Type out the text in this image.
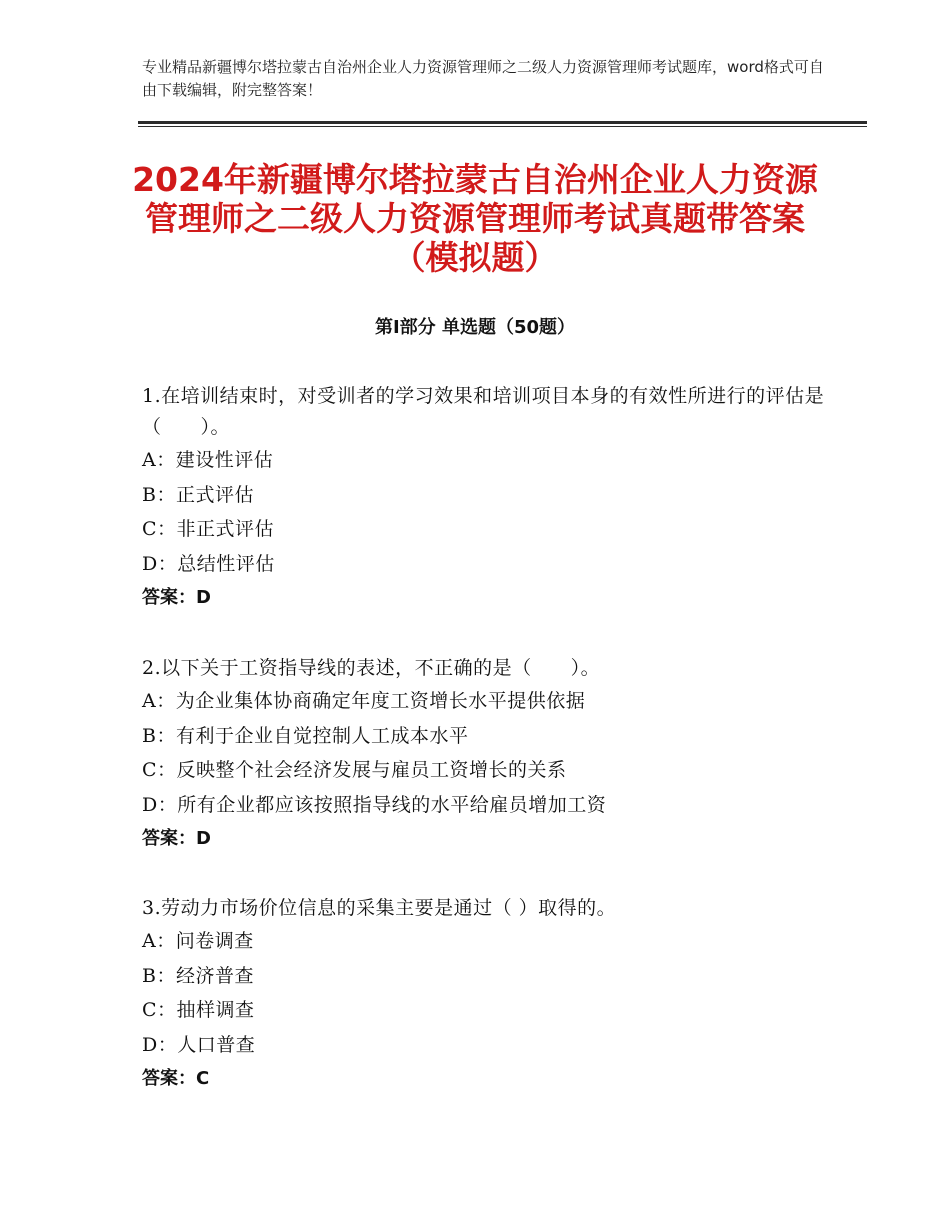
专业精品新疆博尔塔拉蒙古自治州企业人力资源管理师之二级人力资源管理师考试题库，word格式可自由下载编辑，附完整答案！
2024年新疆博尔塔拉蒙古自治州企业人力资源管理师之二级人力资源管理师考试真题带答案（模拟题）
第Ⅰ部分 单选题（50题）

1.在培训结束时，对受训者的学习效果和培训项目本身的有效性所进行的评估是（　　）。

A：建设性评估

B：正式评估

C：非正式评估

D：总结性评估

答案：D

2.以下关于工资指导线的表述，不正确的是（　　）。

A：为企业集体协商确定年度工资增长水平提供依据

B：有利于企业自觉控制人工成本水平

C：反映整个社会经济发展与雇员工资增长的关系

D：所有企业都应该按照指导线的水平给雇员增加工资

答案：D

3.劳动力市场价位信息的采集主要是通过（ ）取得的。

A：问卷调查

B：经济普查

C：抽样调查

D：人口普查

答案：C
